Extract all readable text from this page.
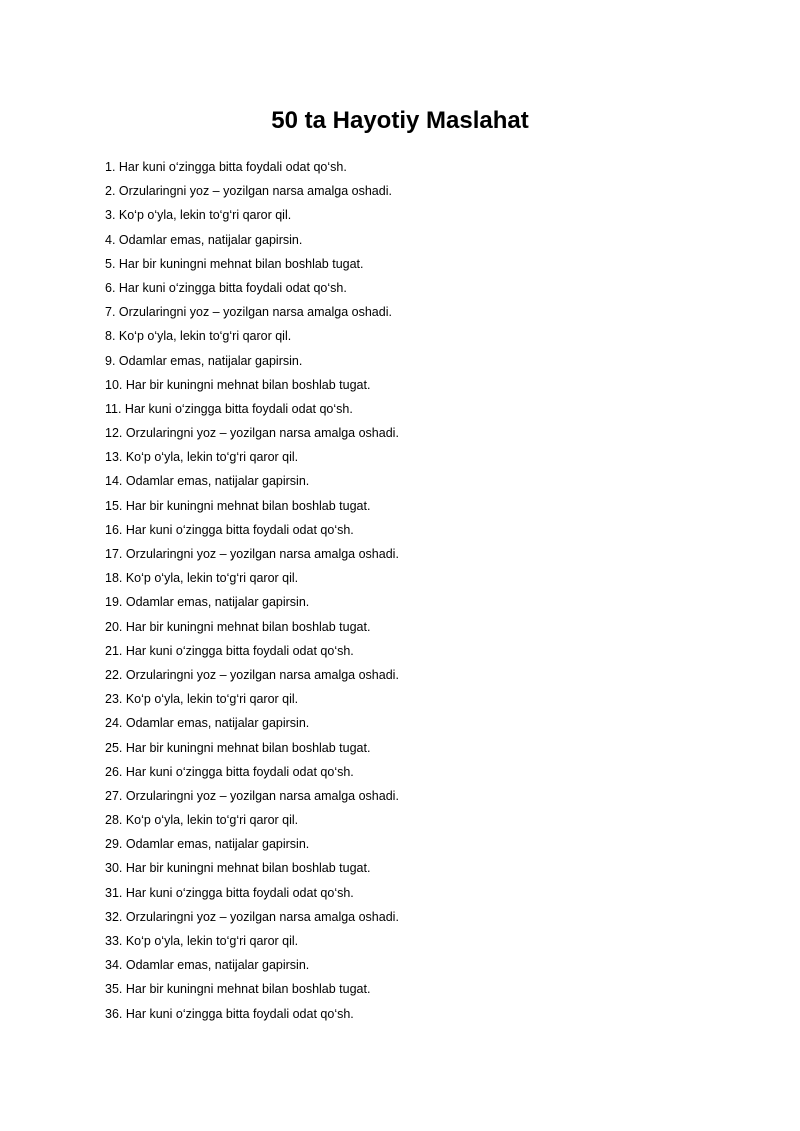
50 ta Hayotiy Maslahat
1. Har kuni o‘zingga bitta foydali odat qo‘sh.
2. Orzularingni yoz – yozilgan narsa amalga oshadi.
3. Ko‘p o‘yla, lekin to‘g‘ri qaror qil.
4. Odamlar emas, natijalar gapirsin.
5. Har bir kuningni mehnat bilan boshlab tugat.
6. Har kuni o‘zingga bitta foydali odat qo‘sh.
7. Orzularingni yoz – yozilgan narsa amalga oshadi.
8. Ko‘p o‘yla, lekin to‘g‘ri qaror qil.
9. Odamlar emas, natijalar gapirsin.
10. Har bir kuningni mehnat bilan boshlab tugat.
11. Har kuni o‘zingga bitta foydali odat qo‘sh.
12. Orzularingni yoz – yozilgan narsa amalga oshadi.
13. Ko‘p o‘yla, lekin to‘g‘ri qaror qil.
14. Odamlar emas, natijalar gapirsin.
15. Har bir kuningni mehnat bilan boshlab tugat.
16. Har kuni o‘zingga bitta foydali odat qo‘sh.
17. Orzularingni yoz – yozilgan narsa amalga oshadi.
18. Ko‘p o‘yla, lekin to‘g‘ri qaror qil.
19. Odamlar emas, natijalar gapirsin.
20. Har bir kuningni mehnat bilan boshlab tugat.
21. Har kuni o‘zingga bitta foydali odat qo‘sh.
22. Orzularingni yoz – yozilgan narsa amalga oshadi.
23. Ko‘p o‘yla, lekin to‘g‘ri qaror qil.
24. Odamlar emas, natijalar gapirsin.
25. Har bir kuningni mehnat bilan boshlab tugat.
26. Har kuni o‘zingga bitta foydali odat qo‘sh.
27. Orzularingni yoz – yozilgan narsa amalga oshadi.
28. Ko‘p o‘yla, lekin to‘g‘ri qaror qil.
29. Odamlar emas, natijalar gapirsin.
30. Har bir kuningni mehnat bilan boshlab tugat.
31. Har kuni o‘zingga bitta foydali odat qo‘sh.
32. Orzularingni yoz – yozilgan narsa amalga oshadi.
33. Ko‘p o‘yla, lekin to‘g‘ri qaror qil.
34. Odamlar emas, natijalar gapirsin.
35. Har bir kuningni mehnat bilan boshlab tugat.
36. Har kuni o‘zingga bitta foydali odat qo‘sh.
